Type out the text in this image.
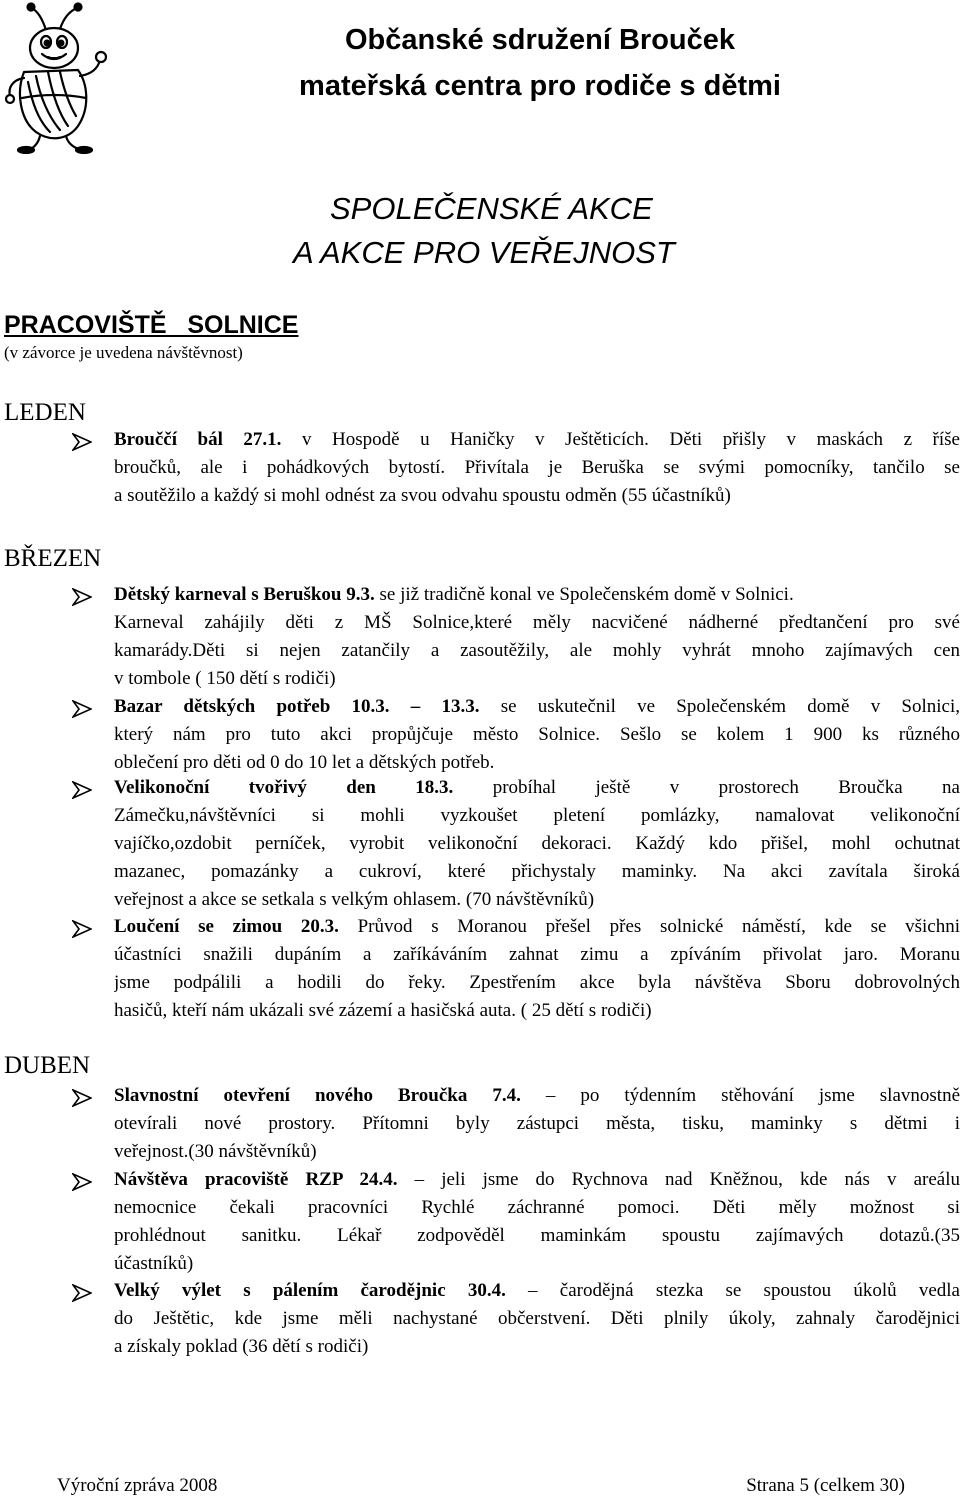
Občanské sdružení Brouček
mateřská centra pro rodiče s dětmi
SPOLEČENSKÉ AKCE
A AKCE PRO VEŘEJNOST
PRACOVIŠTĚ   SOLNICE
(v závorce je uvedena návštěvnost)
LEDEN
Brouččí bál 27.1. v Hospodě u Haničky v Ještěticích. Děti přišly v maskách z říše
broučků, ale i pohádkových bytostí. Přivítala je Beruška se svými pomocníky, tančilo se
a soutěžilo a každý si mohl odnést za svou odvahu spoustu odměn (55 účastníků)
BŘEZEN
Dětský karneval s Beruškou 9.3. se již tradičně konal ve Společenském domě v Solnici.
Karneval zahájily děti z MŠ Solnice,které měly nacvičené nádherné předtančení pro své
kamarády.Děti si nejen zatančily a zasoutěžily, ale mohly vyhrát mnoho zajímavých cen
v tombole ( 150 dětí s rodiči)
Bazar dětských potřeb 10.3. – 13.3. se uskutečnil ve Společenském domě v Solnici,
který nám pro tuto akci propůjčuje město Solnice. Sešlo se kolem 1 900 ks různého
oblečení pro děti od 0 do 10 let a dětských potřeb.
Velikonoční tvořivý den 18.3. probíhal ještě v prostorech Broučka na
Zámečku,návštěvníci si mohli vyzkoušet pletení pomlázky, namalovat velikonoční
vajíčko,ozdobit perníček, vyrobit velikonoční dekoraci. Každý kdo přišel, mohl ochutnat
mazanec, pomazánky a cukroví, které přichystaly maminky. Na akci zavítala široká
veřejnost a akce se setkala s velkým ohlasem. (70 návštěvníků)
Loučení se zimou 20.3. Průvod s Moranou přešel přes solnické náměstí, kde se všichni
účastníci snažili dupáním a zaříkáváním zahnat zimu a zpíváním přivolat jaro. Moranu
jsme podpálili a hodili do řeky. Zpestřením akce byla návštěva Sboru dobrovolných
hasičů, kteří nám ukázali své zázemí a hasičská auta. ( 25 dětí s rodiči)
DUBEN
Slavnostní otevření nového Broučka 7.4. – po týdenním stěhování jsme slavnostně
otevírali nové prostory. Přítomni byly zástupci města, tisku, maminky s dětmi i
veřejnost.(30 návštěvníků)
Návštěva pracoviště RZP 24.4. – jeli jsme do Rychnova nad Kněžnou, kde nás v areálu
nemocnice čekali pracovníci Rychlé záchranné pomoci. Děti měly možnost si
prohlédnout sanitku. Lékař zodpověděl maminkám spoustu zajímavých dotazů.(35
účastníků)
Velký výlet s pálením čarodějnic 30.4. – čarodějná stezka se spoustou úkolů vedla
do Ještětic, kde jsme měli nachystané občerstvení. Děti plnily úkoly, zahnaly čarodějnici
a získaly poklad (36 dětí s rodiči)
Výroční zpráva 2008	Strana 5 (celkem 30)
